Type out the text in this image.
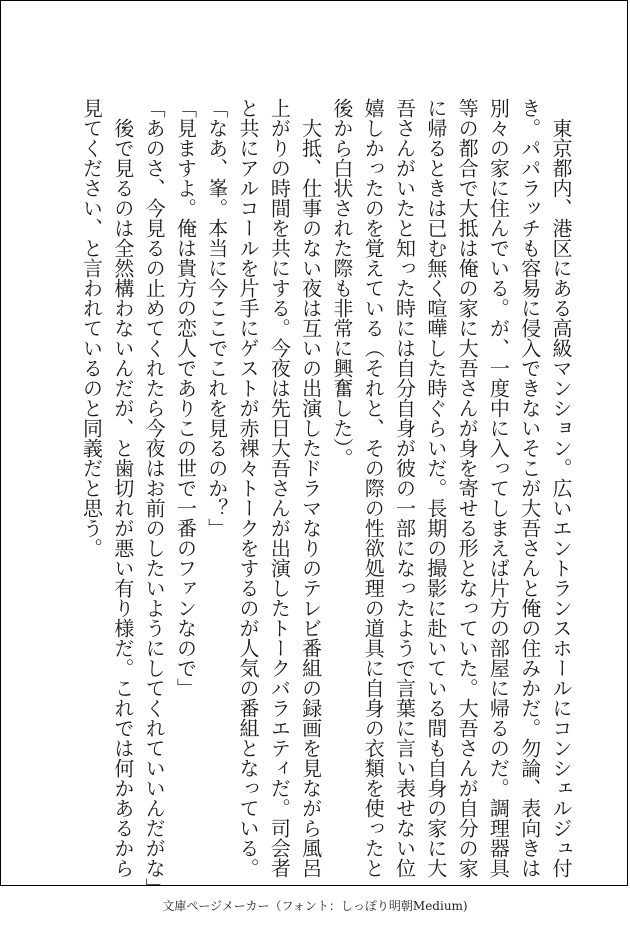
　東京都内、港区にある高級マンション。広いエントランスホールにコンシェルジュ付

き。パパラッチも容易に侵入できないそこが大吾さんと俺の住みかだ。勿論、表向きは

別々の家に住んでいる。が、一度中に入ってしまえば片方の部屋に帰るのだ。調理器具

等の都合で大抵は俺の家に大吾さんが身を寄せる形となっていた。大吾さんが自分の家

に帰るときは已む無く喧嘩した時ぐらいだ。長期の撮影に赴いている間も自身の家に大

吾さんがいたと知った時には自分自身が彼の一部になったようで言葉に言い表せない位

嬉しかったのを覚えている（それと、その際の性欲処理の道具に自身の衣類を使ったと

後から白状された際も非常に興奮した）。

　大抵、仕事のない夜は互いの出演したドラマなりのテレビ番組の録画を見ながら風呂

上がりの時間を共にする。今夜は先日大吾さんが出演したトークバラエティだ。司会者

と共にアルコールを片手にゲストが赤裸々トークをするのが人気の番組となっている。

「なあ、峯。本当に今ここでこれを見るのか？」

「見ますよ。俺は貴方の恋人でありこの世で一番のファンなので」

「あのさ、今見るの止めてくれたら今夜はお前のしたいようにしてくれていいんだがな」

　後で見るのは全然構わないんだが、と歯切れが悪い有り様だ。これでは何かあるから

見てください、と言われているのと同義だと思う。

文庫ページメーカー（フォント：しっぽり明朝Medium)
